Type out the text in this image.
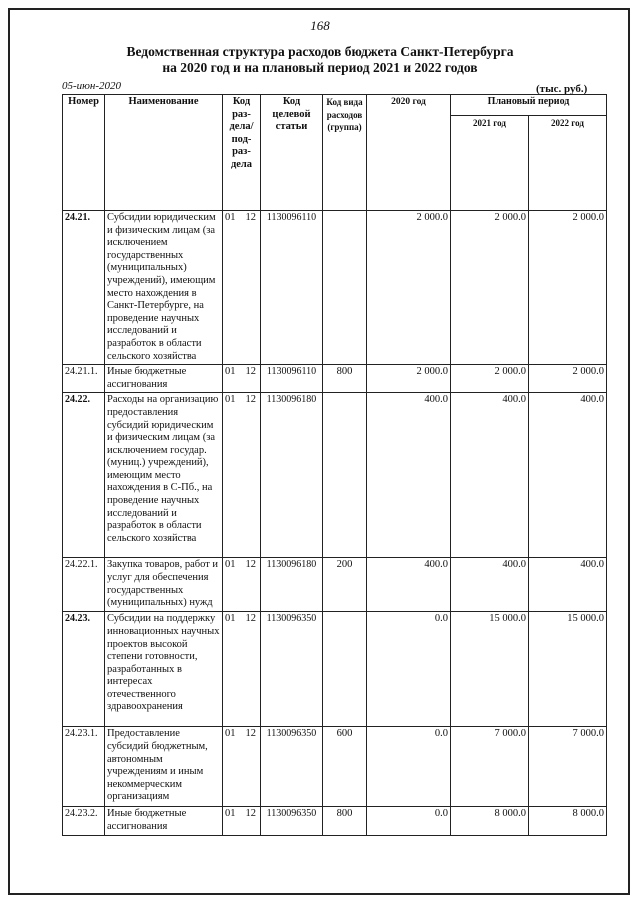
168
Ведомственная структура расходов бюджета Санкт-Петербурга
на 2020 год и на плановый период 2021 и 2022 годов
05-июн-2020	(тыс. руб.)
Номер	Наименование	Код раз-дела/ под-раз-дела	Код целевой статьи	Код вида расходов (группа)	2020 год	Плановый период	
						2021 год	2022 год
24.21.	Субсидии юридическим и физическим лицам (за исключением государственных (муниципальных) учреждений), имеющим место нахождения в Санкт-Петербурге, на проведение научных исследований и разработок в области сельского хозяйства	01 12	1130096110		2 000.0	2 000.0	2 000.0
24.21.1.	Иные бюджетные ассигнования	01 12	1130096110	800	2 000.0	2 000.0	2 000.0
24.22.	Расходы на организацию предоставления субсидий юридическим и физическим лицам (за исключением государ. (муниц.) учреждений), имеющим место нахождения в С-Пб., на проведение научных исследований и разработок в области сельского хозяйства	01 12	1130096180		400.0	400.0	400.0
24.22.1.	Закупка товаров, работ и услуг для обеспечения государственных (муниципальных) нужд	01 12	1130096180	200	400.0	400.0	400.0
24.23.	Субсидии на поддержку инновационных научных проектов высокой степени готовности, разработанных в интересах отечественного здравоохранения	01 12	1130096350		0.0	15 000.0	15 000.0
24.23.1.	Предоставление субсидий бюджетным, автономным учреждениям и иным некоммерческим организациям	01 12	1130096350	600	0.0	7 000.0	7 000.0
24.23.2.	Иные бюджетные ассигнования	01 12	1130096350	800	0.0	8 000.0	8 000.0
